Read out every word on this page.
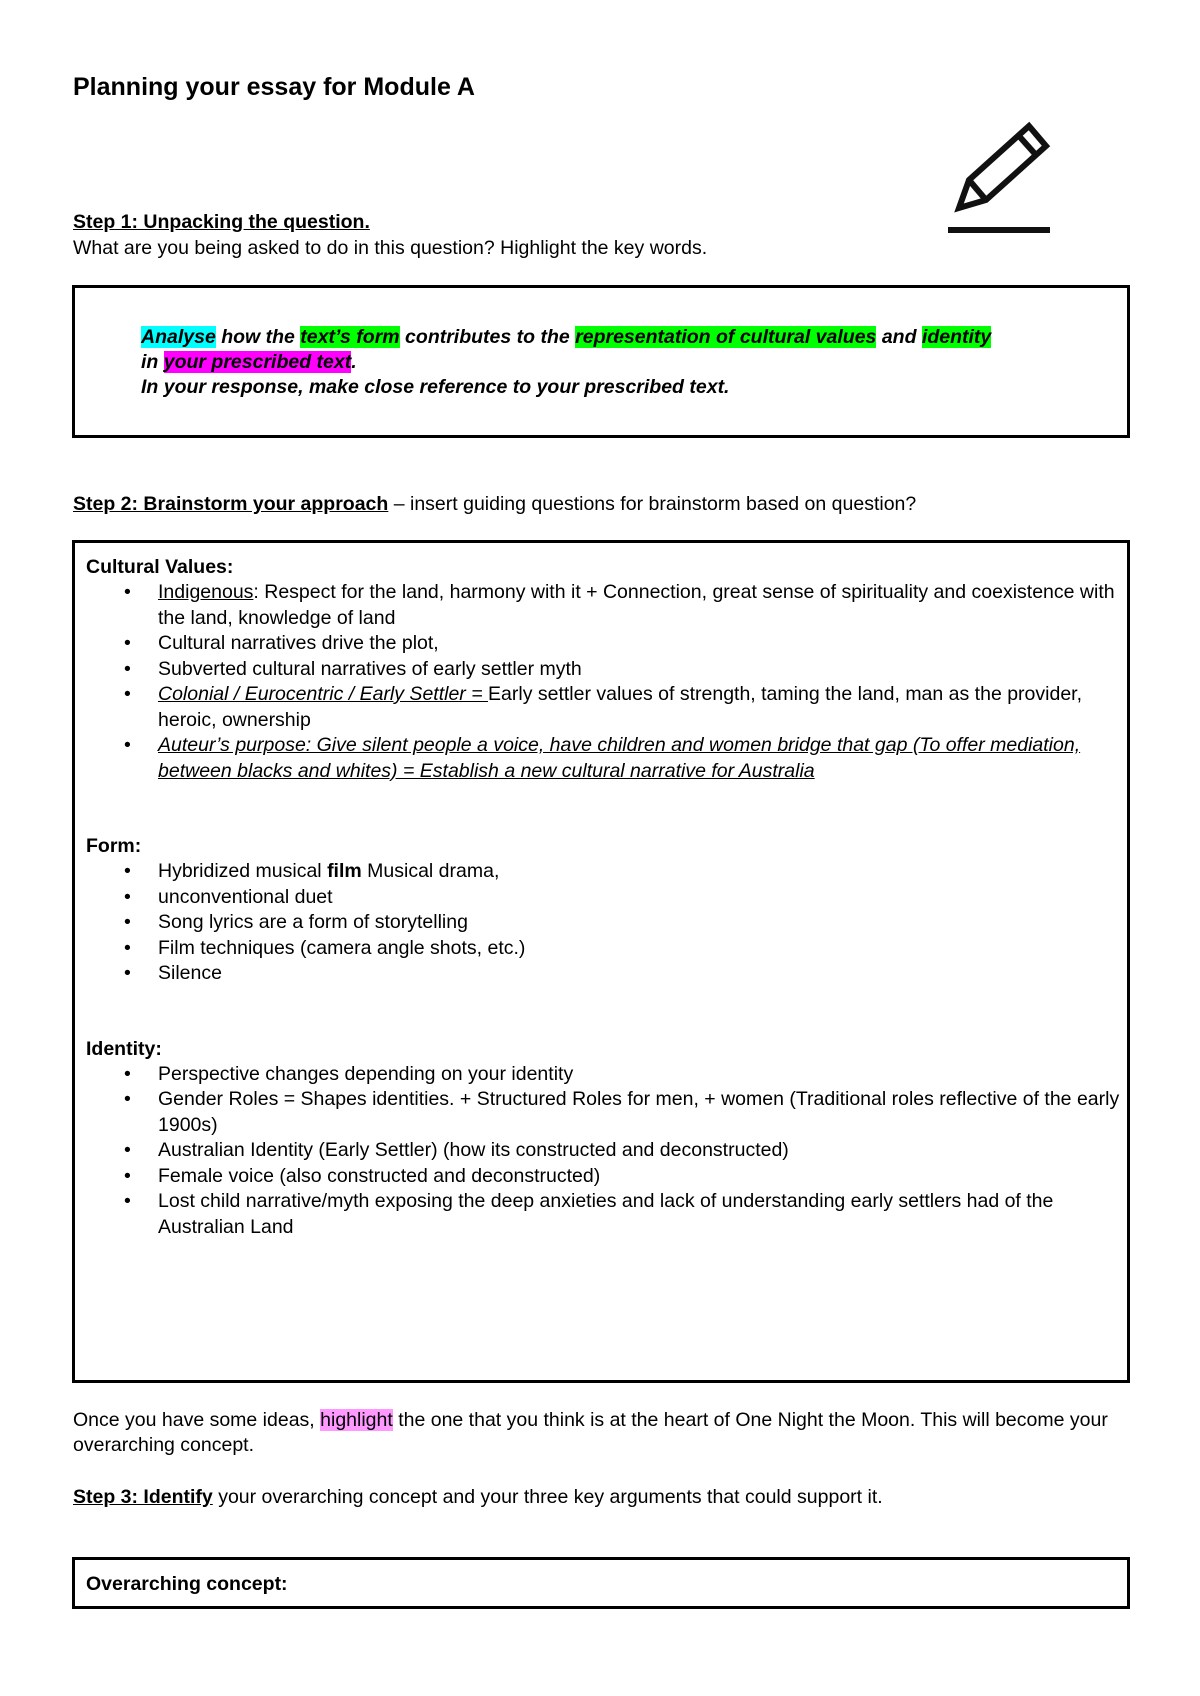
Planning your essay for Module A
Step 1: Unpacking the question.
What are you being asked to do in this question? Highlight the key words.
Analyse how the text’s form contributes to the representation of cultural values and identity
in your prescribed text.
In your response, make close reference to your prescribed text.
Step 2: Brainstorm your approach – insert guiding questions for brainstorm based on question?
Cultural Values:
• Indigenous: Respect for the land, harmony with it + Connection, great sense of spirituality and coexistence with the land, knowledge of land
• Cultural narratives drive the plot,
• Subverted cultural narratives of early settler myth
• Colonial / Eurocentric / Early Settler = Early settler values of strength, taming the land, man as the provider, heroic, ownership
• Auteur’s purpose: Give silent people a voice, have children and women bridge that gap (To offer mediation, between blacks and whites) = Establish a new cultural narrative for Australia
Form:
• Hybridized musical film Musical drama,
• unconventional duet
• Song lyrics are a form of storytelling
• Film techniques (camera angle shots, etc.)
• Silence
Identity:
• Perspective changes depending on your identity
• Gender Roles = Shapes identities. + Structured Roles for men, + women (Traditional roles reflective of the early 1900s)
• Australian Identity (Early Settler) (how its constructed and deconstructed)
• Female voice (also constructed and deconstructed)
• Lost child narrative/myth exposing the deep anxieties and lack of understanding early settlers had of the Australian Land
Once you have some ideas, highlight the one that you think is at the heart of One Night the Moon. This will become your overarching concept.
Step 3: Identify your overarching concept and your three key arguments that could support it.
Overarching concept:
